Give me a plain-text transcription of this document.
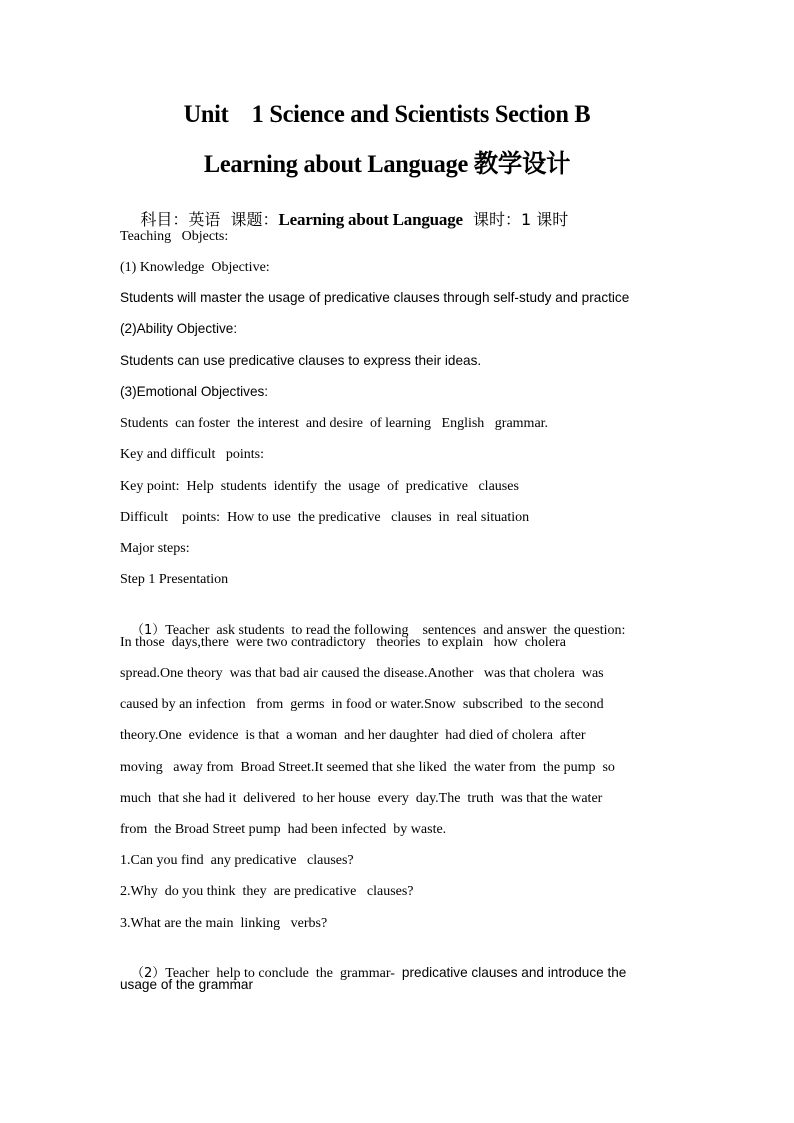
Unit    1 Science and Scientists Section B
Learning about Language 教学设计

科目：英语  课题：Learning about Language  课时：1 课时

Teaching   Objects:
(1) Knowledge  Objective:
Students will master the usage of predicative clauses through self-study and practice
(2)Ability Objective:
Students can use predicative clauses to express their ideas.
(3)Emotional Objectives:
Students  can foster  the interest  and desire  of learning   English   grammar.
Key and difficult   points:
Key point:  Help  students  identify  the  usage  of  predicative   clauses
Difficult    points:  How to use  the predicative   clauses  in  real situation
Major steps:
Step 1 Presentation

（1）Teacher  ask students  to read the following    sentences  and answer  the question:

In those  days,there  were two contradictory   theories  to explain   how  cholera
spread.One theory  was that bad air caused the disease.Another   was that cholera  was
caused by an infection   from  germs  in food or water.Snow  subscribed  to the second
theory.One  evidence  is that  a woman  and her daughter  had died of cholera  after
moving   away from  Broad Street.It seemed that she liked  the water from  the pump  so
much  that she had it  delivered  to her house  every  day.The  truth  was that the water
from  the Broad Street pump  had been infected  by waste.
1.Can you find  any predicative   clauses?
2.Why  do you think  they  are predicative   clauses?
3.What are the main  linking   verbs?

（2）Teacher  help to conclude  the  grammar-  predicative clauses and introduce the

usage of the grammar
